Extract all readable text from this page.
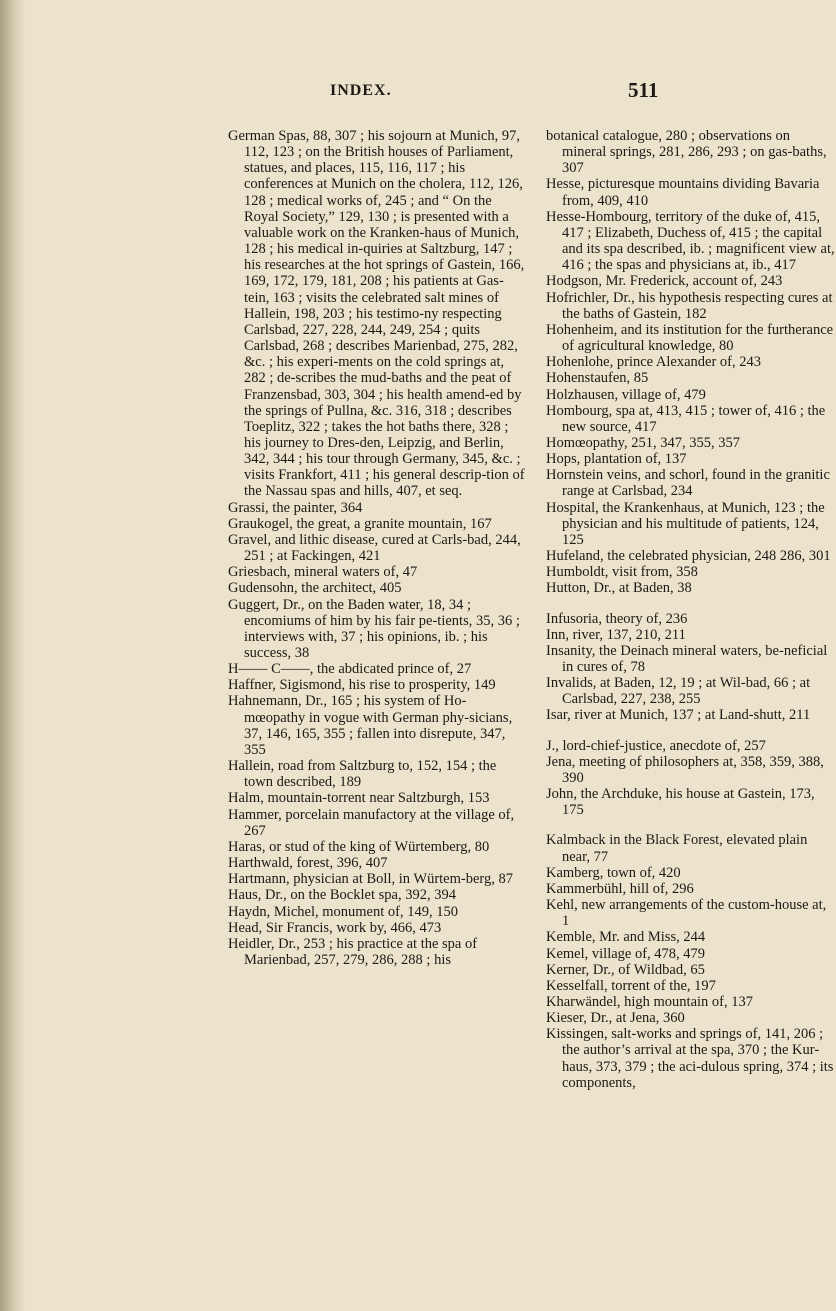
INDEX.	511
German Spas, 88, 307 ; his sojourn at Munich, 97, 112, 123 ; on the British houses of Parliament, statues, and places, 115, 116, 117 ; his conferences at Munich on the cholera, 112, 126, 128 ; medical works of, 245 ; and “ On the Royal Society,” 129, 130 ; is presented with a valuable work on the Kranken-haus of Munich, 128 ; his medical in-quiries at Saltzburg, 147 ; his researches at the hot springs of Gastein, 166, 169, 172, 179, 181, 208 ; his patients at Gas-tein, 163 ; visits the celebrated salt mines of Hallein, 198, 203 ; his testimo-ny respecting Carlsbad, 227, 228, 244, 249, 254 ; quits Carlsbad, 268 ; describes Marienbad, 275, 282, &c. ; his experi-ments on the cold springs at, 282 ; de-scribes the mud-baths and the peat of Franzensbad, 303, 304 ; his health amend-ed by the springs of Pullna, &c. 316, 318 ; describes Toeplitz, 322 ; takes the hot baths there, 328 ; his journey to Dres-den, Leipzig, and Berlin, 342, 344 ; his tour through Germany, 345, &c. ; visits Frankfort, 411 ; his general descrip-tion of the Nassau spas and hills, 407, et seq.
Grassi, the painter, 364
Graukogel, the great, a granite mountain, 167
Gravel, and lithic disease, cured at Carls-bad, 244, 251 ; at Fackingen, 421
Griesbach, mineral waters of, 47
Gudensohn, the architect, 405
Guggert, Dr., on the Baden water, 18, 34 ; encomiums of him by his fair pe-tients, 35, 36 ; interviews with, 37 ; his opinions, ib. ; his success, 38
H—— C——, the abdicated prince of, 27
Haffner, Sigismond, his rise to prosperity, 149
Hahnemann, Dr., 165 ; his system of Ho-mœopathy in vogue with German phy-sicians, 37, 146, 165, 355 ; fallen into disrepute, 347, 355
Hallein, road from Saltzburg to, 152, 154 ; the town described, 189
Halm, mountain-torrent near Saltzburgh, 153
Hammer, porcelain manufactory at the village of, 267
Haras, or stud of the king of Würtemberg, 80
Harthwald, forest, 396, 407
Hartmann, physician at Boll, in Würtem-berg, 87
Haus, Dr., on the Bocklet spa, 392, 394
Haydn, Michel, monument of, 149, 150
Head, Sir Francis, work by, 466, 473
Heidler, Dr., 253 ; his practice at the spa of Marienbad, 257, 279, 286, 288 ; his
botanical catalogue, 280 ; observations on mineral springs, 281, 286, 293 ; on gas-baths, 307
Hesse, picturesque mountains dividing Bavaria from, 409, 410
Hesse-Hombourg, territory of the duke of, 415, 417 ; Elizabeth, Duchess of, 415 ; the capital and its spa described, ib. ; magnificent view at, 416 ; the spas and physicians at, ib., 417
Hodgson, Mr. Frederick, account of, 243
Hofrichler, Dr., his hypothesis respecting cures at the baths of Gastein, 182
Hohenheim, and its institution for the furtherance of agricultural knowledge, 80
Hohenlohe, prince Alexander of, 243
Hohenstaufen, 85
Holzhausen, village of, 479
Hombourg, spa at, 413, 415 ; tower of, 416 ; the new source, 417
Homœopathy, 251, 347, 355, 357
Hops, plantation of, 137
Hornstein veins, and schorl, found in the granitic range at Carlsbad, 234
Hospital, the Krankenhaus, at Munich, 123 ; the physician and his multitude of patients, 124, 125
Hufeland, the celebrated physician, 248 286, 301
Humboldt, visit from, 358
Hutton, Dr., at Baden, 38
Infusoria, theory of, 236
Inn, river, 137, 210, 211
Insanity, the Deinach mineral waters, be-neficial in cures of, 78
Invalids, at Baden, 12, 19 ; at Wil-bad, 66 ; at Carlsbad, 227, 238, 255
Isar, river at Munich, 137 ; at Land-shutt, 211
J., lord-chief-justice, anecdote of, 257
Jena, meeting of philosophers at, 358, 359, 388, 390
John, the Archduke, his house at Gastein, 173, 175
Kalmback in the Black Forest, elevated plain near, 77
Kamberg, town of, 420
Kammerbühl, hill of, 296
Kehl, new arrangements of the custom-house at, 1
Kemble, Mr. and Miss, 244
Kemel, village of, 478, 479
Kerner, Dr., of Wildbad, 65
Kesselfall, torrent of the, 197
Kharwändel, high mountain of, 137
Kieser, Dr., at Jena, 360
Kissingen, salt-works and springs of, 141, 206 ; the author’s arrival at the spa, 370 ; the Kur-haus, 373, 379 ; the aci-dulous spring, 374 ; its components,
